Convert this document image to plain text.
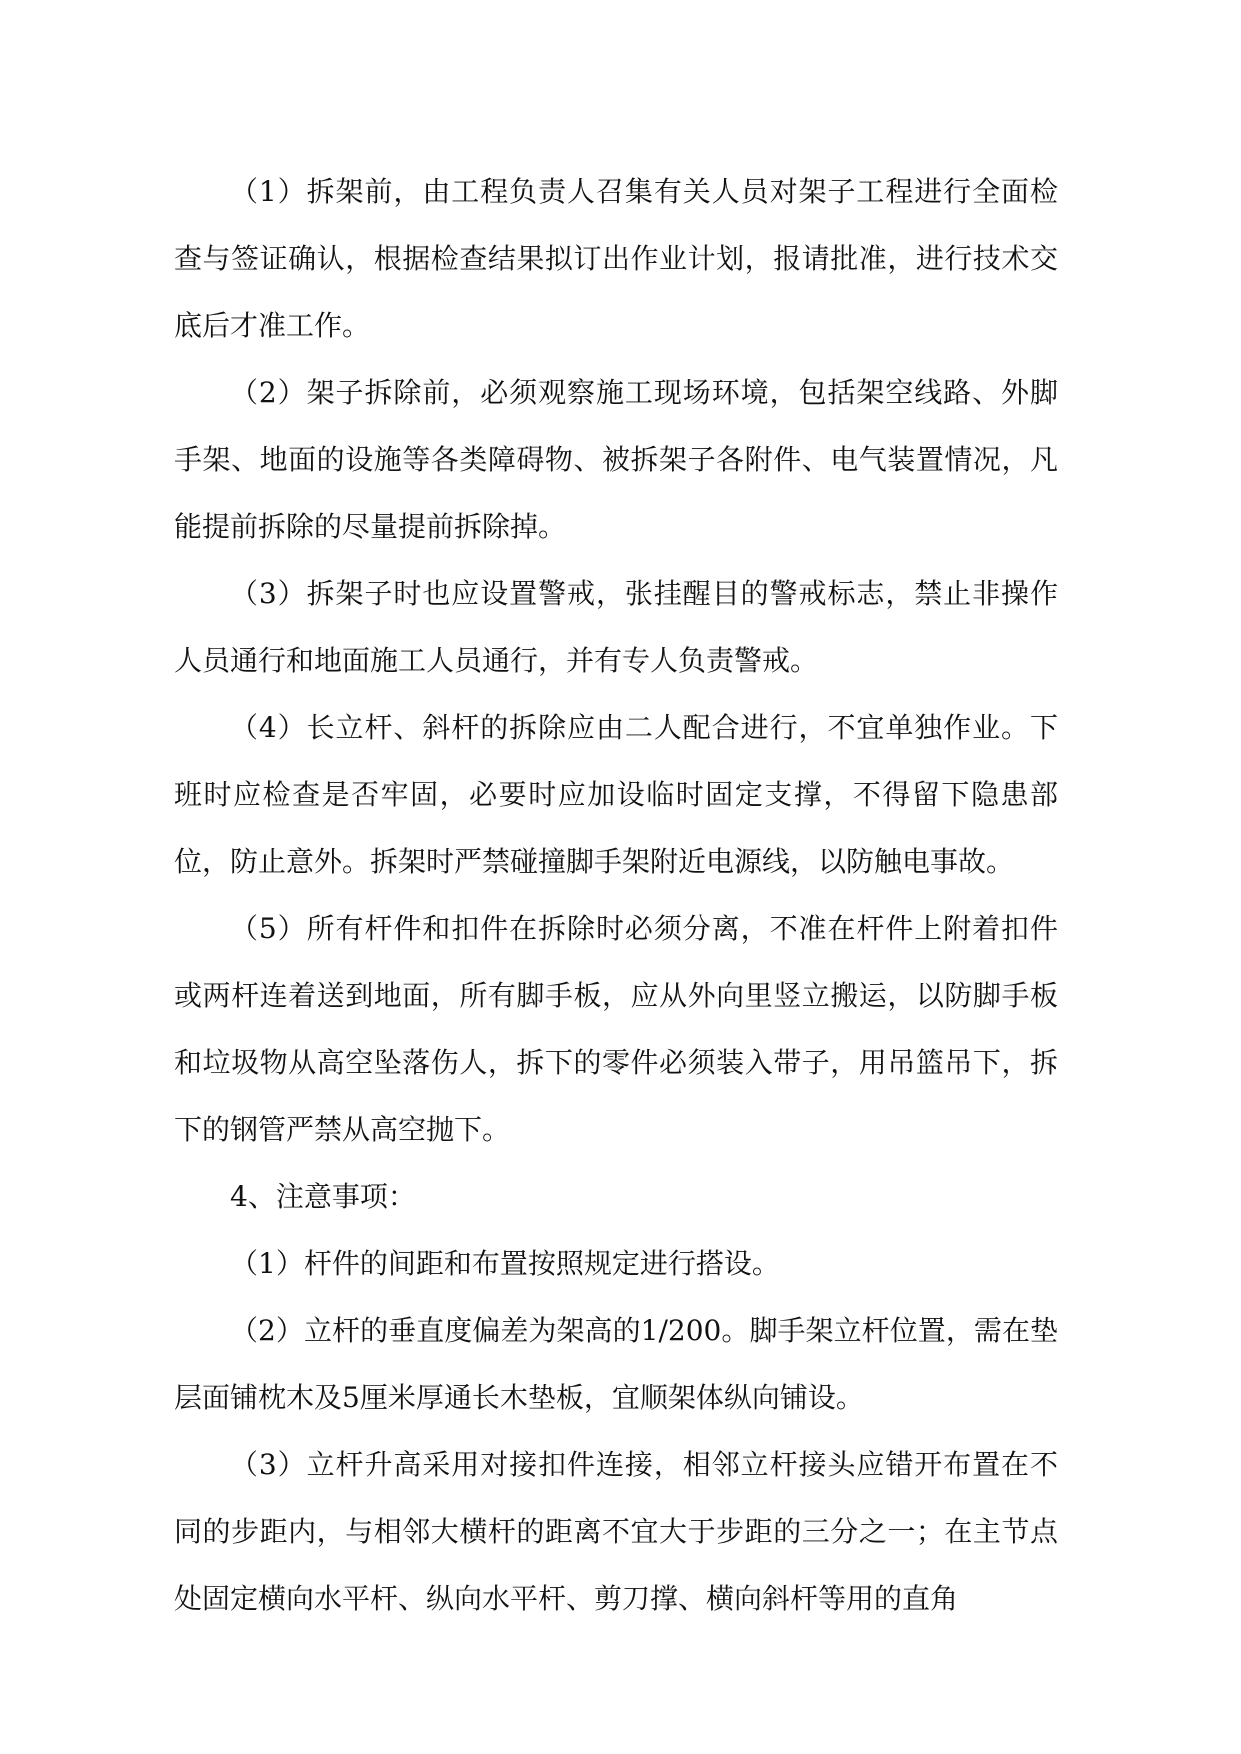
（1）拆架前，由工程负责人召集有关人员对架子工程进行全面检查与签证确认，根据检查结果拟订出作业计划，报请批准，进行技术交底后才准工作。

（2）架子拆除前，必须观察施工现场环境，包括架空线路、外脚手架、地面的设施等各类障碍物、被拆架子各附件、电气装置情况，凡能提前拆除的尽量提前拆除掉。

（3）拆架子时也应设置警戒，张挂醒目的警戒标志，禁止非操作人员通行和地面施工人员通行，并有专人负责警戒。

（4）长立杆、斜杆的拆除应由二人配合进行，不宜单独作业。下班时应检查是否牢固，必要时应加设临时固定支撑，不得留下隐患部位，防止意外。拆架时严禁碰撞脚手架附近电源线，以防触电事故。

（5）所有杆件和扣件在拆除时必须分离，不准在杆件上附着扣件或两杆连着送到地面，所有脚手板，应从外向里竖立搬运，以防脚手板和垃圾物从高空坠落伤人，拆下的零件必须装入带子，用吊篮吊下，拆下的钢管严禁从高空抛下。

4、注意事项：

（1）杆件的间距和布置按照规定进行搭设。

（2）立杆的垂直度偏差为架高的1/200。脚手架立杆位置，需在垫层面铺枕木及5厘米厚通长木垫板，宜顺架体纵向铺设。

（3）立杆升高采用对接扣件连接，相邻立杆接头应错开布置在不同的步距内，与相邻大横杆的距离不宜大于步距的三分之一；在主节点处固定横向水平杆、纵向水平杆、剪刀撑、横向斜杆等用的直角
